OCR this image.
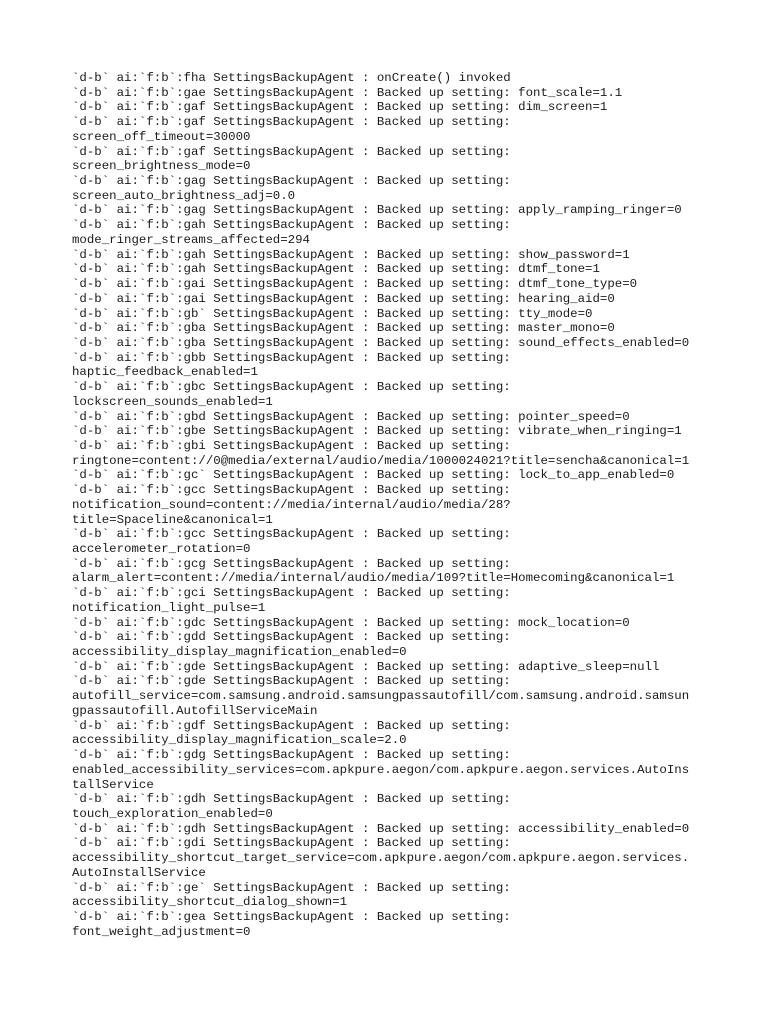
`d-b` ai:`f:b`:fha SettingsBackupAgent : onCreate() invoked
`d-b` ai:`f:b`:gae SettingsBackupAgent : Backed up setting: font_scale=1.1
`d-b` ai:`f:b`:gaf SettingsBackupAgent : Backed up setting: dim_screen=1
`d-b` ai:`f:b`:gaf SettingsBackupAgent : Backed up setting:
screen_off_timeout=30000
`d-b` ai:`f:b`:gaf SettingsBackupAgent : Backed up setting:
screen_brightness_mode=0
`d-b` ai:`f:b`:gag SettingsBackupAgent : Backed up setting:
screen_auto_brightness_adj=0.0
`d-b` ai:`f:b`:gag SettingsBackupAgent : Backed up setting: apply_ramping_ringer=0
`d-b` ai:`f:b`:gah SettingsBackupAgent : Backed up setting:
mode_ringer_streams_affected=294
`d-b` ai:`f:b`:gah SettingsBackupAgent : Backed up setting: show_password=1
`d-b` ai:`f:b`:gah SettingsBackupAgent : Backed up setting: dtmf_tone=1
`d-b` ai:`f:b`:gai SettingsBackupAgent : Backed up setting: dtmf_tone_type=0
`d-b` ai:`f:b`:gai SettingsBackupAgent : Backed up setting: hearing_aid=0
`d-b` ai:`f:b`:gb` SettingsBackupAgent : Backed up setting: tty_mode=0
`d-b` ai:`f:b`:gba SettingsBackupAgent : Backed up setting: master_mono=0
`d-b` ai:`f:b`:gba SettingsBackupAgent : Backed up setting: sound_effects_enabled=0
`d-b` ai:`f:b`:gbb SettingsBackupAgent : Backed up setting:
haptic_feedback_enabled=1
`d-b` ai:`f:b`:gbc SettingsBackupAgent : Backed up setting:
lockscreen_sounds_enabled=1
`d-b` ai:`f:b`:gbd SettingsBackupAgent : Backed up setting: pointer_speed=0
`d-b` ai:`f:b`:gbe SettingsBackupAgent : Backed up setting: vibrate_when_ringing=1
`d-b` ai:`f:b`:gbi SettingsBackupAgent : Backed up setting:
ringtone=content://0@media/external/audio/media/1000024021?title=sencha&canonical=1
`d-b` ai:`f:b`:gc` SettingsBackupAgent : Backed up setting: lock_to_app_enabled=0
`d-b` ai:`f:b`:gcc SettingsBackupAgent : Backed up setting:
notification_sound=content://media/internal/audio/media/28?
title=Spaceline&canonical=1
`d-b` ai:`f:b`:gcc SettingsBackupAgent : Backed up setting:
accelerometer_rotation=0
`d-b` ai:`f:b`:gcg SettingsBackupAgent : Backed up setting:
alarm_alert=content://media/internal/audio/media/109?title=Homecoming&canonical=1
`d-b` ai:`f:b`:gci SettingsBackupAgent : Backed up setting:
notification_light_pulse=1
`d-b` ai:`f:b`:gdc SettingsBackupAgent : Backed up setting: mock_location=0
`d-b` ai:`f:b`:gdd SettingsBackupAgent : Backed up setting:
accessibility_display_magnification_enabled=0
`d-b` ai:`f:b`:gde SettingsBackupAgent : Backed up setting: adaptive_sleep=null
`d-b` ai:`f:b`:gde SettingsBackupAgent : Backed up setting:
autofill_service=com.samsung.android.samsungpassautofill/com.samsung.android.samsun
gpassautofill.AutofillServiceMain
`d-b` ai:`f:b`:gdf SettingsBackupAgent : Backed up setting:
accessibility_display_magnification_scale=2.0
`d-b` ai:`f:b`:gdg SettingsBackupAgent : Backed up setting:
enabled_accessibility_services=com.apkpure.aegon/com.apkpure.aegon.services.AutoIns
tallService
`d-b` ai:`f:b`:gdh SettingsBackupAgent : Backed up setting:
touch_exploration_enabled=0
`d-b` ai:`f:b`:gdh SettingsBackupAgent : Backed up setting: accessibility_enabled=0
`d-b` ai:`f:b`:gdi SettingsBackupAgent : Backed up setting:
accessibility_shortcut_target_service=com.apkpure.aegon/com.apkpure.aegon.services.
AutoInstallService
`d-b` ai:`f:b`:ge` SettingsBackupAgent : Backed up setting:
accessibility_shortcut_dialog_shown=1
`d-b` ai:`f:b`:gea SettingsBackupAgent : Backed up setting:
font_weight_adjustment=0
